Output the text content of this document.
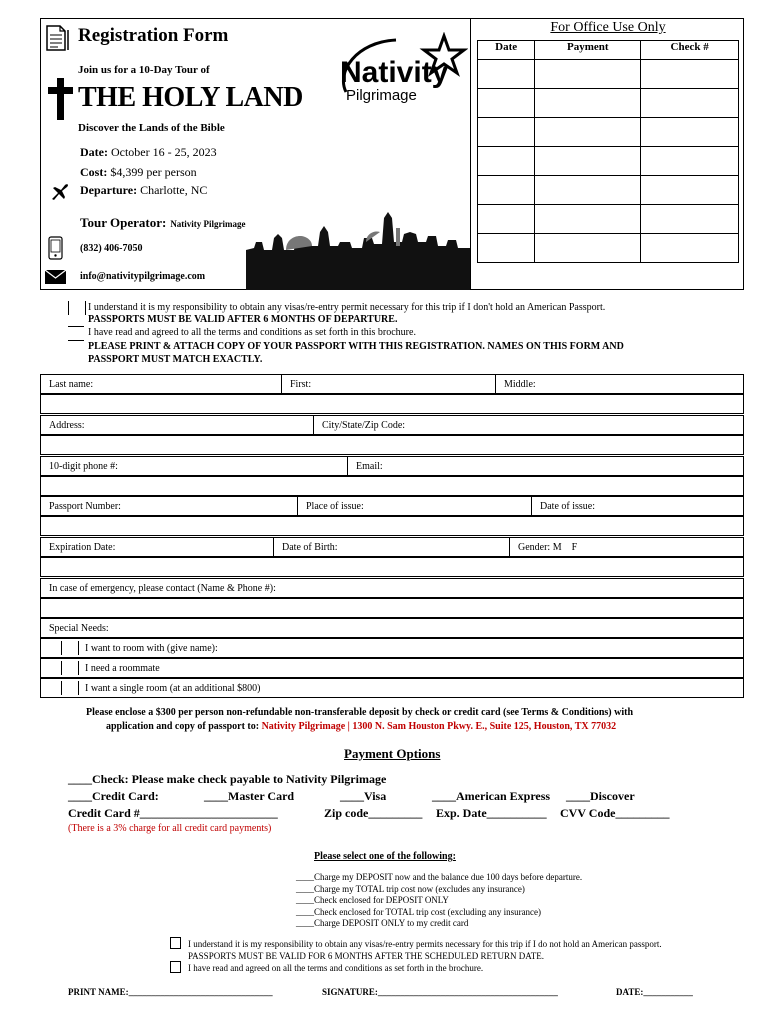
Registration Form
Join us for a 10-Day Tour of
THE HOLY LAND
Nativity
Pilgrimage
Discover the Lands of the Bible
Date: October 16 - 25, 2023
Cost: $4,399 per person
Departure: Charlotte, NC
Tour Operator: Nativity Pilgrimage
(832) 406-7050
info@nativitypilgrimage.com
For Office Use Only
Date	Payment	Check #

I understand it is my responsibility to obtain any visas/re-entry permit necessary for this trip if I don't hold an American Passport.
PASSPORTS MUST BE VALID AFTER 6 MONTHS OF DEPARTURE.
I have read and agreed to all the terms and conditions as set forth in this brochure.
PLEASE PRINT & ATTACH COPY OF YOUR PASSPORT WITH THIS REGISTRATION. NAMES ON THIS FORM AND
PASSPORT MUST MATCH EXACTLY.
Last name:	First:	Middle:
Address:	City/State/Zip Code:
10-digit phone #:	Email:
Passport Number:	Place of issue:	Date of issue:
Expiration Date:	Date of Birth:	Gender: M    F
In case of emergency, please contact (Name & Phone #):
Special Needs:
I want to room with (give name):
I need a roommate
I want a single room (at an additional $800)
Please enclose a $300 per person non-refundable non-transferable deposit by check or credit card (see Terms & Conditions) with
application and copy of passport to: Nativity Pilgrimage | 1300 N. Sam Houston Pkwy. E., Suite 125, Houston, TX 77032
Payment Options
____Check: Please make check payable to Nativity Pilgrimage
____Credit Card:	____Master Card	____Visa	____American Express ____Discover
Credit Card #_______________________	Zip code_________ Exp. Date__________ CVV Code_________
(There is a 3% charge for all credit card payments)
Please select one of the following:
____Charge my DEPOSIT now and the balance due 100 days before departure.
____Charge my TOTAL trip cost now (excludes any insurance)
____Check enclosed for DEPOSIT ONLY
____Check enclosed for TOTAL trip cost (excluding any insurance)
____Charge DEPOSIT ONLY to my credit card
I understand it is my responsibility to obtain any visas/re-entry permits necessary for this trip if I do not hold an American passport.
PASSPORTS MUST BE VALID FOR 6 MONTHS AFTER THE SCHEDULED RETURN DATE.
I have read and agreed on all the terms and conditions as set forth in the brochure.
PRINT NAME:________________________________	SIGNATURE:________________________________________	DATE:___________
